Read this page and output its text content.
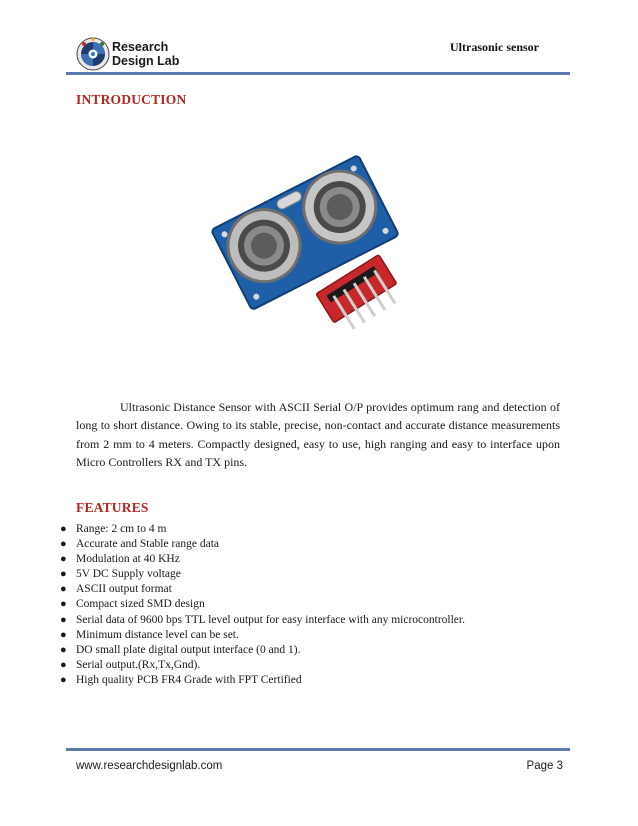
Research
Design Lab
Ultrasonic sensor
INTRODUCTION
Ultrasonic Distance Sensor with ASCII Serial O/P provides optimum rang and detection of long to short distance. Owing to its stable, precise, non-contact and accurate distance measurements from 2 mm to 4 meters. Compactly designed, easy to use, high ranging and easy to interface upon Micro Controllers RX and TX pins.
FEATURES
● Range: 2 cm to 4 m
● Accurate and Stable range data
● Modulation at 40 KHz
● 5V DC Supply voltage
● ASCII output format
● Compact sized SMD design
● Serial data of 9600 bps TTL level output for easy interface with any microcontroller.
● Minimum distance level can be set.
● DO small plate digital output interface (0 and 1).
● Serial output.(Rx,Tx,Gnd).
● High quality PCB FR4 Grade with FPT Certified
www.researchdesignlab.com	Page 3
